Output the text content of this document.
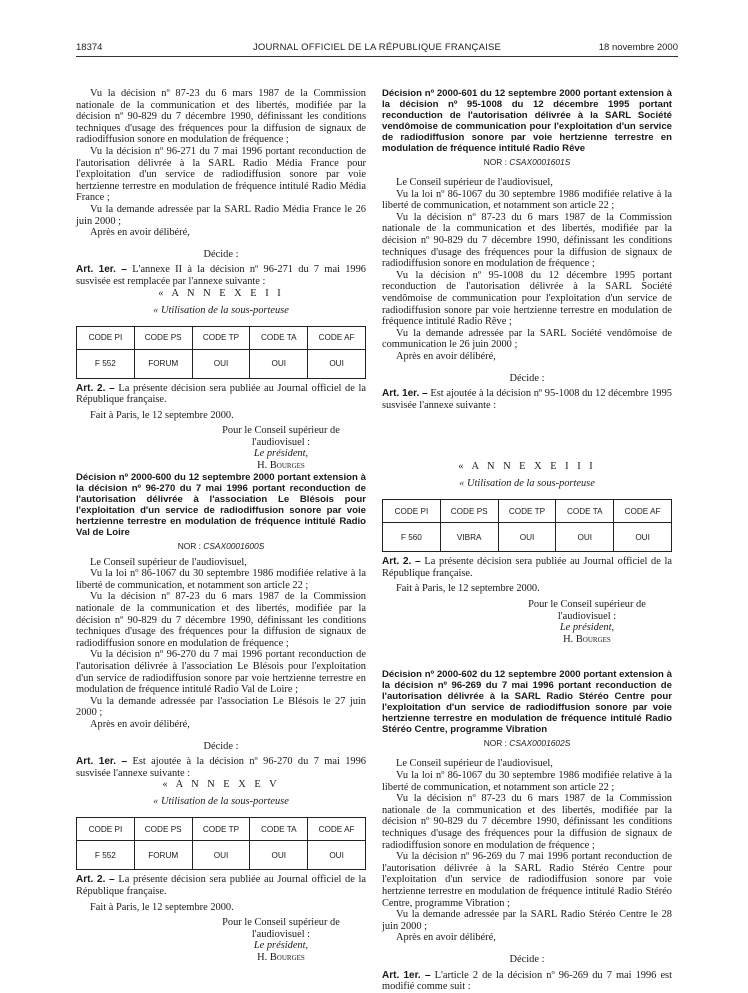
18374	JOURNAL OFFICIEL DE LA RÉPUBLIQUE FRANÇAISE	18 novembre 2000

Vu la décision nº 87-23 du 6 mars 1987 de la Commission nationale de la communication et des libertés, modifiée par la décision nº 90-829 du 7 décembre 1990, définissant les conditions techniques d'usage des fréquences pour la diffusion de signaux de radiodiffusion sonore en modulation de fréquence ;

Vu la décision nº 96-271 du 7 mai 1996 portant reconduction de l'autorisation délivrée à la SARL Radio Média France pour l'exploitation d'un service de radiodiffusion sonore par voie hertzienne terrestre en modulation de fréquence intitulé Radio Média France ;

Vu la demande adressée par la SARL Radio Média France le 26 juin 2000 ;

Après en avoir délibéré,

Décide :

Art. 1er. – L'annexe II à la décision nº 96-271 du 7 mai 1996 susvisée est remplacée par l'annexe suivante :

« A N N E X E I I

« Utilisation de la sous-porteuse

CODE PI	CODE PS	CODE TP	CODE TA	CODE AF
F 552	FORUM	OUI	OUI	OUI

Art. 2. – La présente décision sera publiée au Journal officiel de la République française.

Fait à Paris, le 12 septembre 2000.

Pour le Conseil supérieur de l'audiovisuel :
Le président,
H. Bourges

Décision nº 2000-600 du 12 septembre 2000 portant extension à la décision nº 96-270 du 7 mai 1996 portant reconduction de l'autorisation délivrée à l'association Le Blésois pour l'exploitation d'un service de radiodiffusion sonore par voie hertzienne terrestre en modulation de fréquence intitulé Radio Val de Loire

NOR : CSAX0001600S

Le Conseil supérieur de l'audiovisuel,

Vu la loi nº 86-1067 du 30 septembre 1986 modifiée relative à la liberté de communication, et notamment son article 22 ;

Vu la décision nº 87-23 du 6 mars 1987 de la Commission nationale de la communication et des libertés, modifiée par la décision nº 90-829 du 7 décembre 1990, définissant les conditions techniques d'usage des fréquences pour la diffusion de signaux de radiodiffusion sonore en modulation de fréquence ;

Vu la décision nº 96-270 du 7 mai 1996 portant reconduction de l'autorisation délivrée à l'association Le Blésois pour l'exploitation d'un service de radiodiffusion sonore par voie hertzienne terrestre en modulation de fréquence intitulé Radio Val de Loire ;

Vu la demande adressée par l'association Le Blésois le 27 juin 2000 ;

Après en avoir délibéré,

Décide :

Art. 1er. – Est ajoutée à la décision nº 96-270 du 7 mai 1996 susvisée l'annexe suivante :

« A N N E X E V

« Utilisation de la sous-porteuse

CODE PI	CODE PS	CODE TP	CODE TA	CODE AF
F 552	FORUM	OUI	OUI	OUI

Art. 2. – La présente décision sera publiée au Journal officiel de la République française.

Fait à Paris, le 12 septembre 2000.

Pour le Conseil supérieur de l'audiovisuel :
Le président,
H. Bourges

Décision nº 2000-601 du 12 septembre 2000 portant extension à la décision nº 95-1008 du 12 décembre 1995 portant reconduction de l'autorisation délivrée à la SARL Société vendômoise de communication pour l'exploitation d'un service de radiodiffusion sonore par voie hertzienne terrestre en modulation de fréquence intitulé Radio Rêve

NOR : CSAX0001601S

Le Conseil supérieur de l'audiovisuel,

Vu la loi nº 86-1067 du 30 septembre 1986 modifiée relative à la liberté de communication, et notamment son article 22 ;

Vu la décision nº 87-23 du 6 mars 1987 de la Commission nationale de la communication et des libertés, modifiée par la décision nº 90-829 du 7 décembre 1990, définissant les conditions techniques d'usage des fréquences pour la diffusion de signaux de radiodiffusion sonore en modulation de fréquence ;

Vu la décision nº 95-1008 du 12 décembre 1995 portant reconduction de l'autorisation délivrée à la SARL Société vendômoise de communication pour l'exploitation d'un service de radiodiffusion sonore par voie hertzienne terrestre en modulation de fréquence intitulé Radio Rêve ;

Vu la demande adressée par la SARL Société vendômoise de communication le 26 juin 2000 ;

Après en avoir délibéré,

Décide :

Art. 1er. – Est ajoutée à la décision nº 95-1008 du 12 décembre 1995 susvisée l'annexe suivante :

« A N N E X E I I I

« Utilisation de la sous-porteuse

CODE PI	CODE PS	CODE TP	CODE TA	CODE AF
F 560	VIBRA	OUI	OUI	OUI

Art. 2. – La présente décision sera publiée au Journal officiel de la République française.

Fait à Paris, le 12 septembre 2000.

Pour le Conseil supérieur de l'audiovisuel :
Le président,
H. Bourges

Décision nº 2000-602 du 12 septembre 2000 portant extension à la décision nº 96-269 du 7 mai 1996 portant reconduction de l'autorisation délivrée à la SARL Radio Stéréo Centre pour l'exploitation d'un service de radiodiffusion sonore par voie hertzienne terrestre en modulation de fréquence intitulé Radio Stéréo Centre, programme Vibration

NOR : CSAX0001602S

Le Conseil supérieur de l'audiovisuel,

Vu la loi nº 86-1067 du 30 septembre 1986 modifiée relative à la liberté de communication, et notamment son article 22 ;

Vu la décision nº 87-23 du 6 mars 1987 de la Commission nationale de la communication et des libertés, modifiée par la décision nº 90-829 du 7 décembre 1990, définissant les conditions techniques d'usage des fréquences pour la diffusion de signaux de radiodiffusion sonore en modulation de fréquence ;

Vu la décision nº 96-269 du 7 mai 1996 portant reconduction de l'autorisation délivrée à la SARL Radio Stéréo Centre pour l'exploitation d'un service de radiodiffusion sonore par voie hertzienne terrestre en modulation de fréquence intitulé Radio Stéréo Centre, programme Vibration ;

Vu la demande adressée par la SARL Radio Stéréo Centre le 28 juin 2000 ;

Après en avoir délibéré,

Décide :

Art. 1er. – L'article 2 de la décision nº 96-269 du 7 mai 1996 est modifié comme suit :
